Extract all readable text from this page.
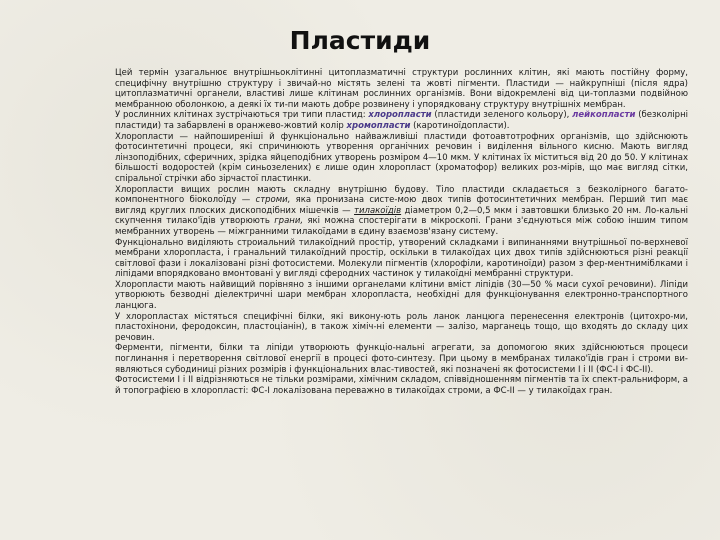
Пластиди

Цей термін узагальнює внутрішньоклітинні цитоплазматичні структури рослинних клітин, які мають постійну форму, специфічну внутрішню структуру і звичай-но містять зелені та жовті пігменти. Пластиди — найкрупніші (після ядра) цитоплазматичні органели, властиві лише клітинам рослинних організмів. Вони відокремлені від ци-топлазми подвійною мембранною оболонкою, а деякі їх ти-пи мають добре розвинену і упорядковану структуру внутрішніх мембран.

У рослинних клітинах зустрічаються три типи пластид: хлоропласти (пластиди зеленого кольору), лейкопласти (безколірні пластиди) та забарвлені в оранжево-жовтий колір хромопласти (каротиноїдопласти).

Хлоропласти — найпоширеніші й функціонально найважливіші пластиди фотоавтотрофних організмів, що здійснюють фотосинтетичні процеси, які спричинюють утворення органічних речовин і виділення вільного кисню. Мають вигляд лінзоподібних, сферичних, зрідка яйцеподібних утворень розміром 4—10 мкм. У клітинах їх міститься від 20 до 50. У клітинах більшості водоростей (крім синьозелених) є лише один хлоропласт (хроматофор) великих роз-мірів, що має вигляд сітки, спіральної стрічки або зірчастої пластинки.

Хлоропласти вищих рослин мають складну внутрішню будову. Тіло пластиди складається з безколірного багато-компонентного біоколоїду — строми, яка пронизана систе-мою двох типів фотосинтетичних мембран. Перший тип має вигляд круглих плоских дископодібних мішечків — тилакоїдів діаметром 0,2—0,5 мкм і завтовшки близько 20 нм. Ло-кальні скупчення тилако'їдів утворюють грани, які можна спостерігати в мікроскопі. Грани з'єднуються між собою іншим типом мембранних утворень — міжгранними тилакоїдами в єдину взаємозв'язану систему.

Функціонально виділяють строиальний тилакоїдний простір, утворений складками і випинаннями внутрішньої по-верхневої мембрани хлоропласта, і гранальний тилакоїдний простір, оскільки в тилакоїдах цих двох типів здійснюються різні реакції світлової фази і локалізовані різні фотосистеми. Молекули пігментів (хлорофіли, каротиноїди) разом з фер-ментниміблками і ліпідами впорядковано вмонтовані у вигляді сферодних частинок у тилакоїдні мембранні структури.

Хлоропласти мають найвищий порівняно з іншими органелами клітини вміст ліпідів (30—50 % маси сухої речовини). Ліпіди утворюють безводні діелектричні шари мембран хлоропласта, необхідні для функціонування електронно-транспортного ланцюга.

У хлоропластах містяться специфічні білки, які викону-ють роль ланок ланцюга перенесення електронів (цитохро-ми, пластохінони, феродоксин, пластоціанін), в також хіміч-ні елементи — залізо, марганець тощо, що входять до складу цих речовин.

Ферменти, пігменти, білки та ліпіди утворюють функціо-нальні агрегати, за допомогою яких здійснюються процеси поглинання і перетворення світлової енергії в процесі фото-синтезу. При цьому в мембранах тилако'їдів гран і строми ви-являються субодиниці різних розмірів і функціональних влас-тивостей, які позначені як фотосистеми I і II (ФС-I і ФС-II).

Фотосистеми I і II відрізняються не тільки розмірами, хімічним складом, співвідношенням пігментів та їх спект-ральниформ, а й топографією в хлоропласті: ФС-I локалізована переважно в тилакоїдах строми, а ФС-II — у тилакоїдах гран.
